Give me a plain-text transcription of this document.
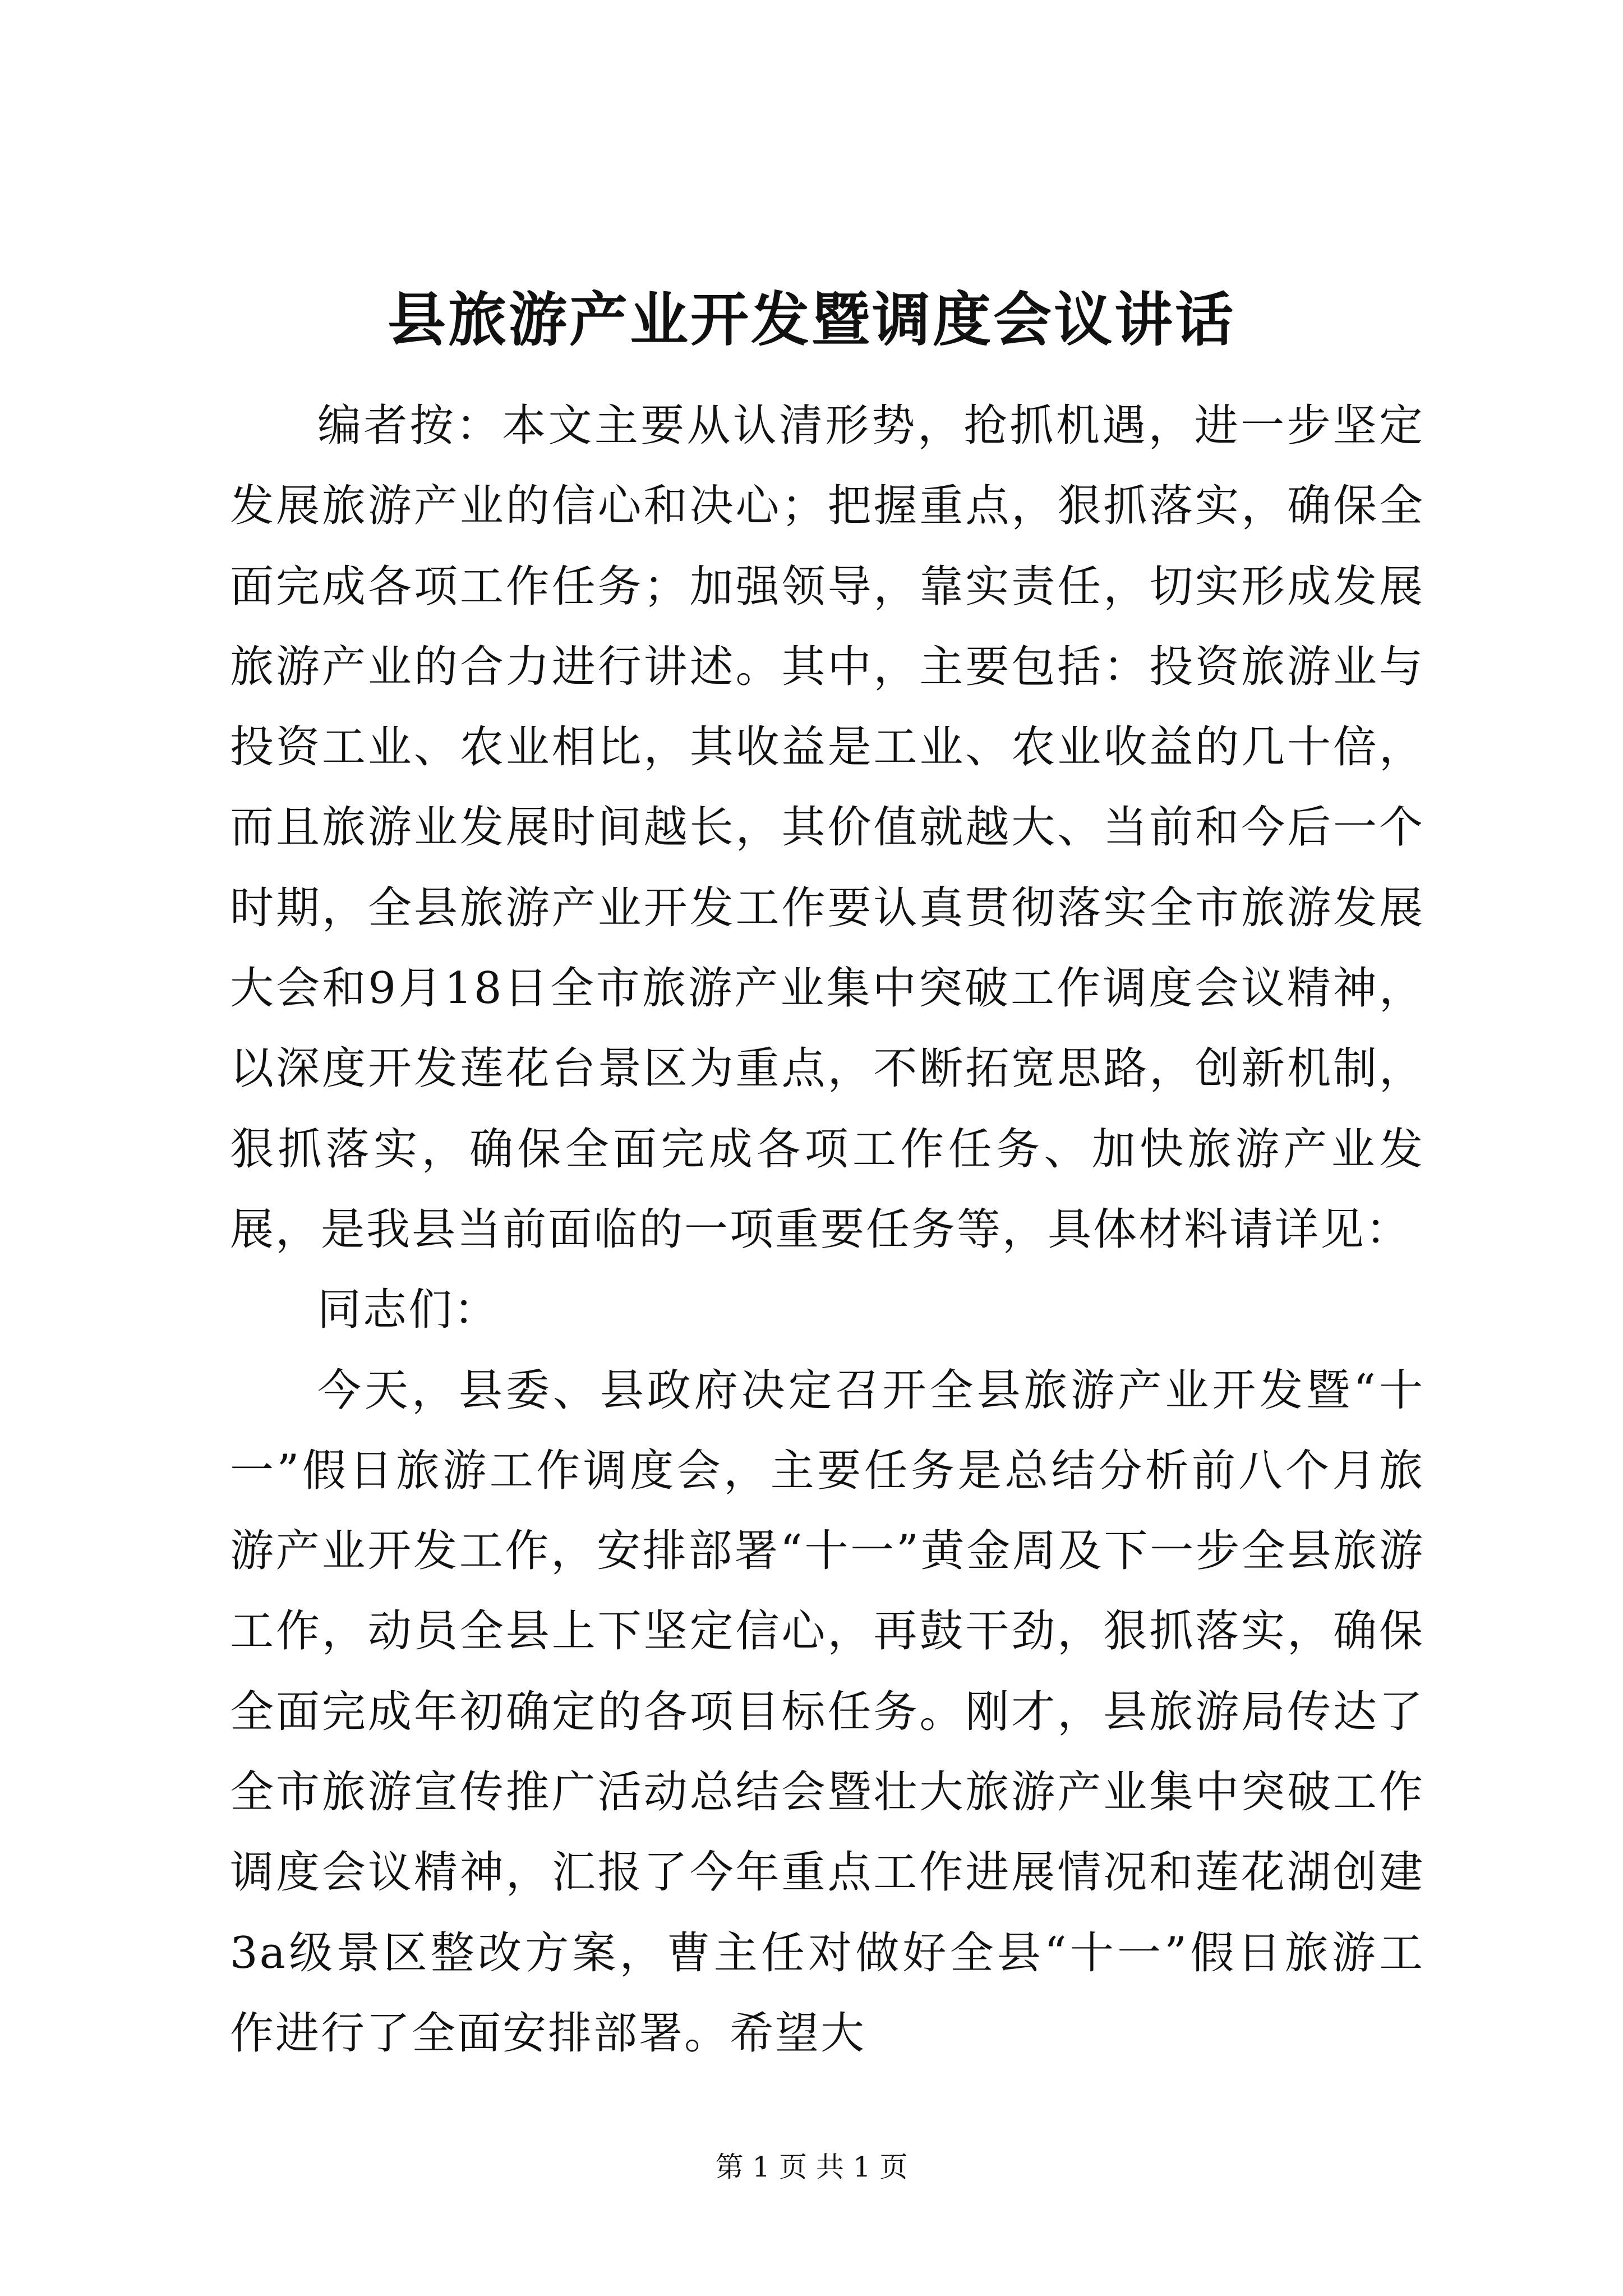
县旅游产业开发暨调度会议讲话

编者按：本文主要从认清形势，抢抓机遇，进一步坚定发展旅游产业的信心和决心；把握重点，狠抓落实，确保全面完成各项工作任务；加强领导，靠实责任，切实形成发展旅游产业的合力进行讲述。其中，主要包括：投资旅游业与投资工业、农业相比，其收益是工业、农业收益的几十倍，而且旅游业发展时间越长，其价值就越大、当前和今后一个时期，全县旅游产业开发工作要认真贯彻落实全市旅游发展大会和9月18日全市旅游产业集中突破工作调度会议精神，以深度开发莲花台景区为重点，不断拓宽思路，创新机制，狠抓落实，确保全面完成各项工作任务、加快旅游产业发展，是我县当前面临的一项重要任务等，具体材料请详见：

同志们：

今天，县委、县政府决定召开全县旅游产业开发暨“十一”假日旅游工作调度会，主要任务是总结分析前八个月旅游产业开发工作，安排部署“十一”黄金周及下一步全县旅游工作，动员全县上下坚定信心，再鼓干劲，狠抓落实，确保全面完成年初确定的各项目标任务。刚才，县旅游局传达了全市旅游宣传推广活动总结会暨壮大旅游产业集中突破工作调度会议精神，汇报了今年重点工作进展情况和莲花湖创建3a级景区整改方案，曹主任对做好全县“十一”假日旅游工作进行了全面安排部署。希望大

第 1 页 共 1 页
